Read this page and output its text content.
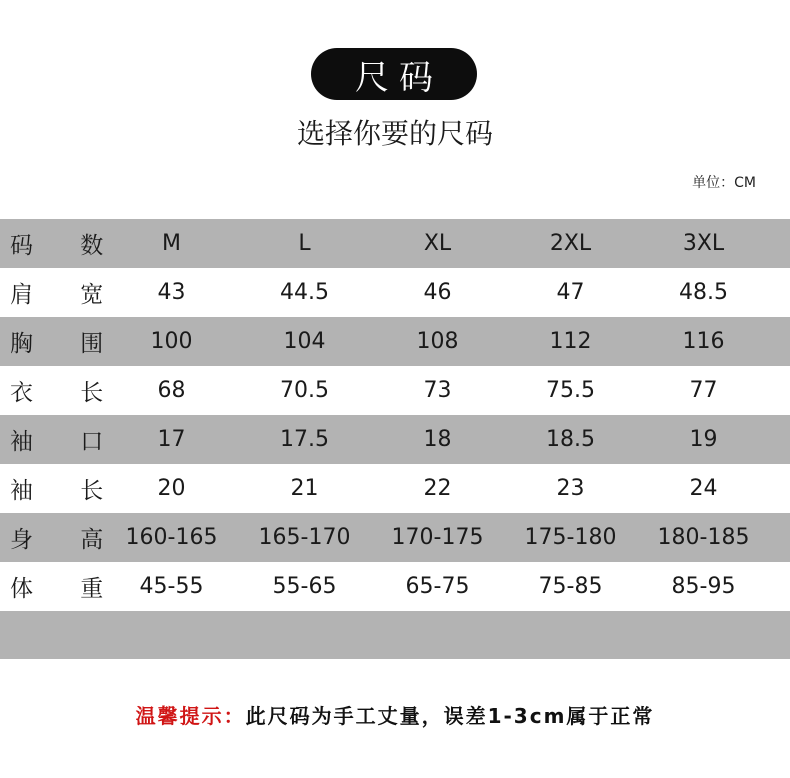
尺码
选择你要的尺码
单位：CM
码 数	M	L	XL	2XL	3XL
肩 宽	43	44.5	46	47	48.5
胸 围	100	104	108	112	116
衣 长	68	70.5	73	75.5	77
袖 口	17	17.5	18	18.5	19
袖 长	20	21	22	23	24
身 高 160-165	165-170	170-175	175-180	180-185
体 重 45-55	55-65	65-75	75-85	85-95
温馨提示：此尺码为手工丈量，误差1-3cm属于正常
